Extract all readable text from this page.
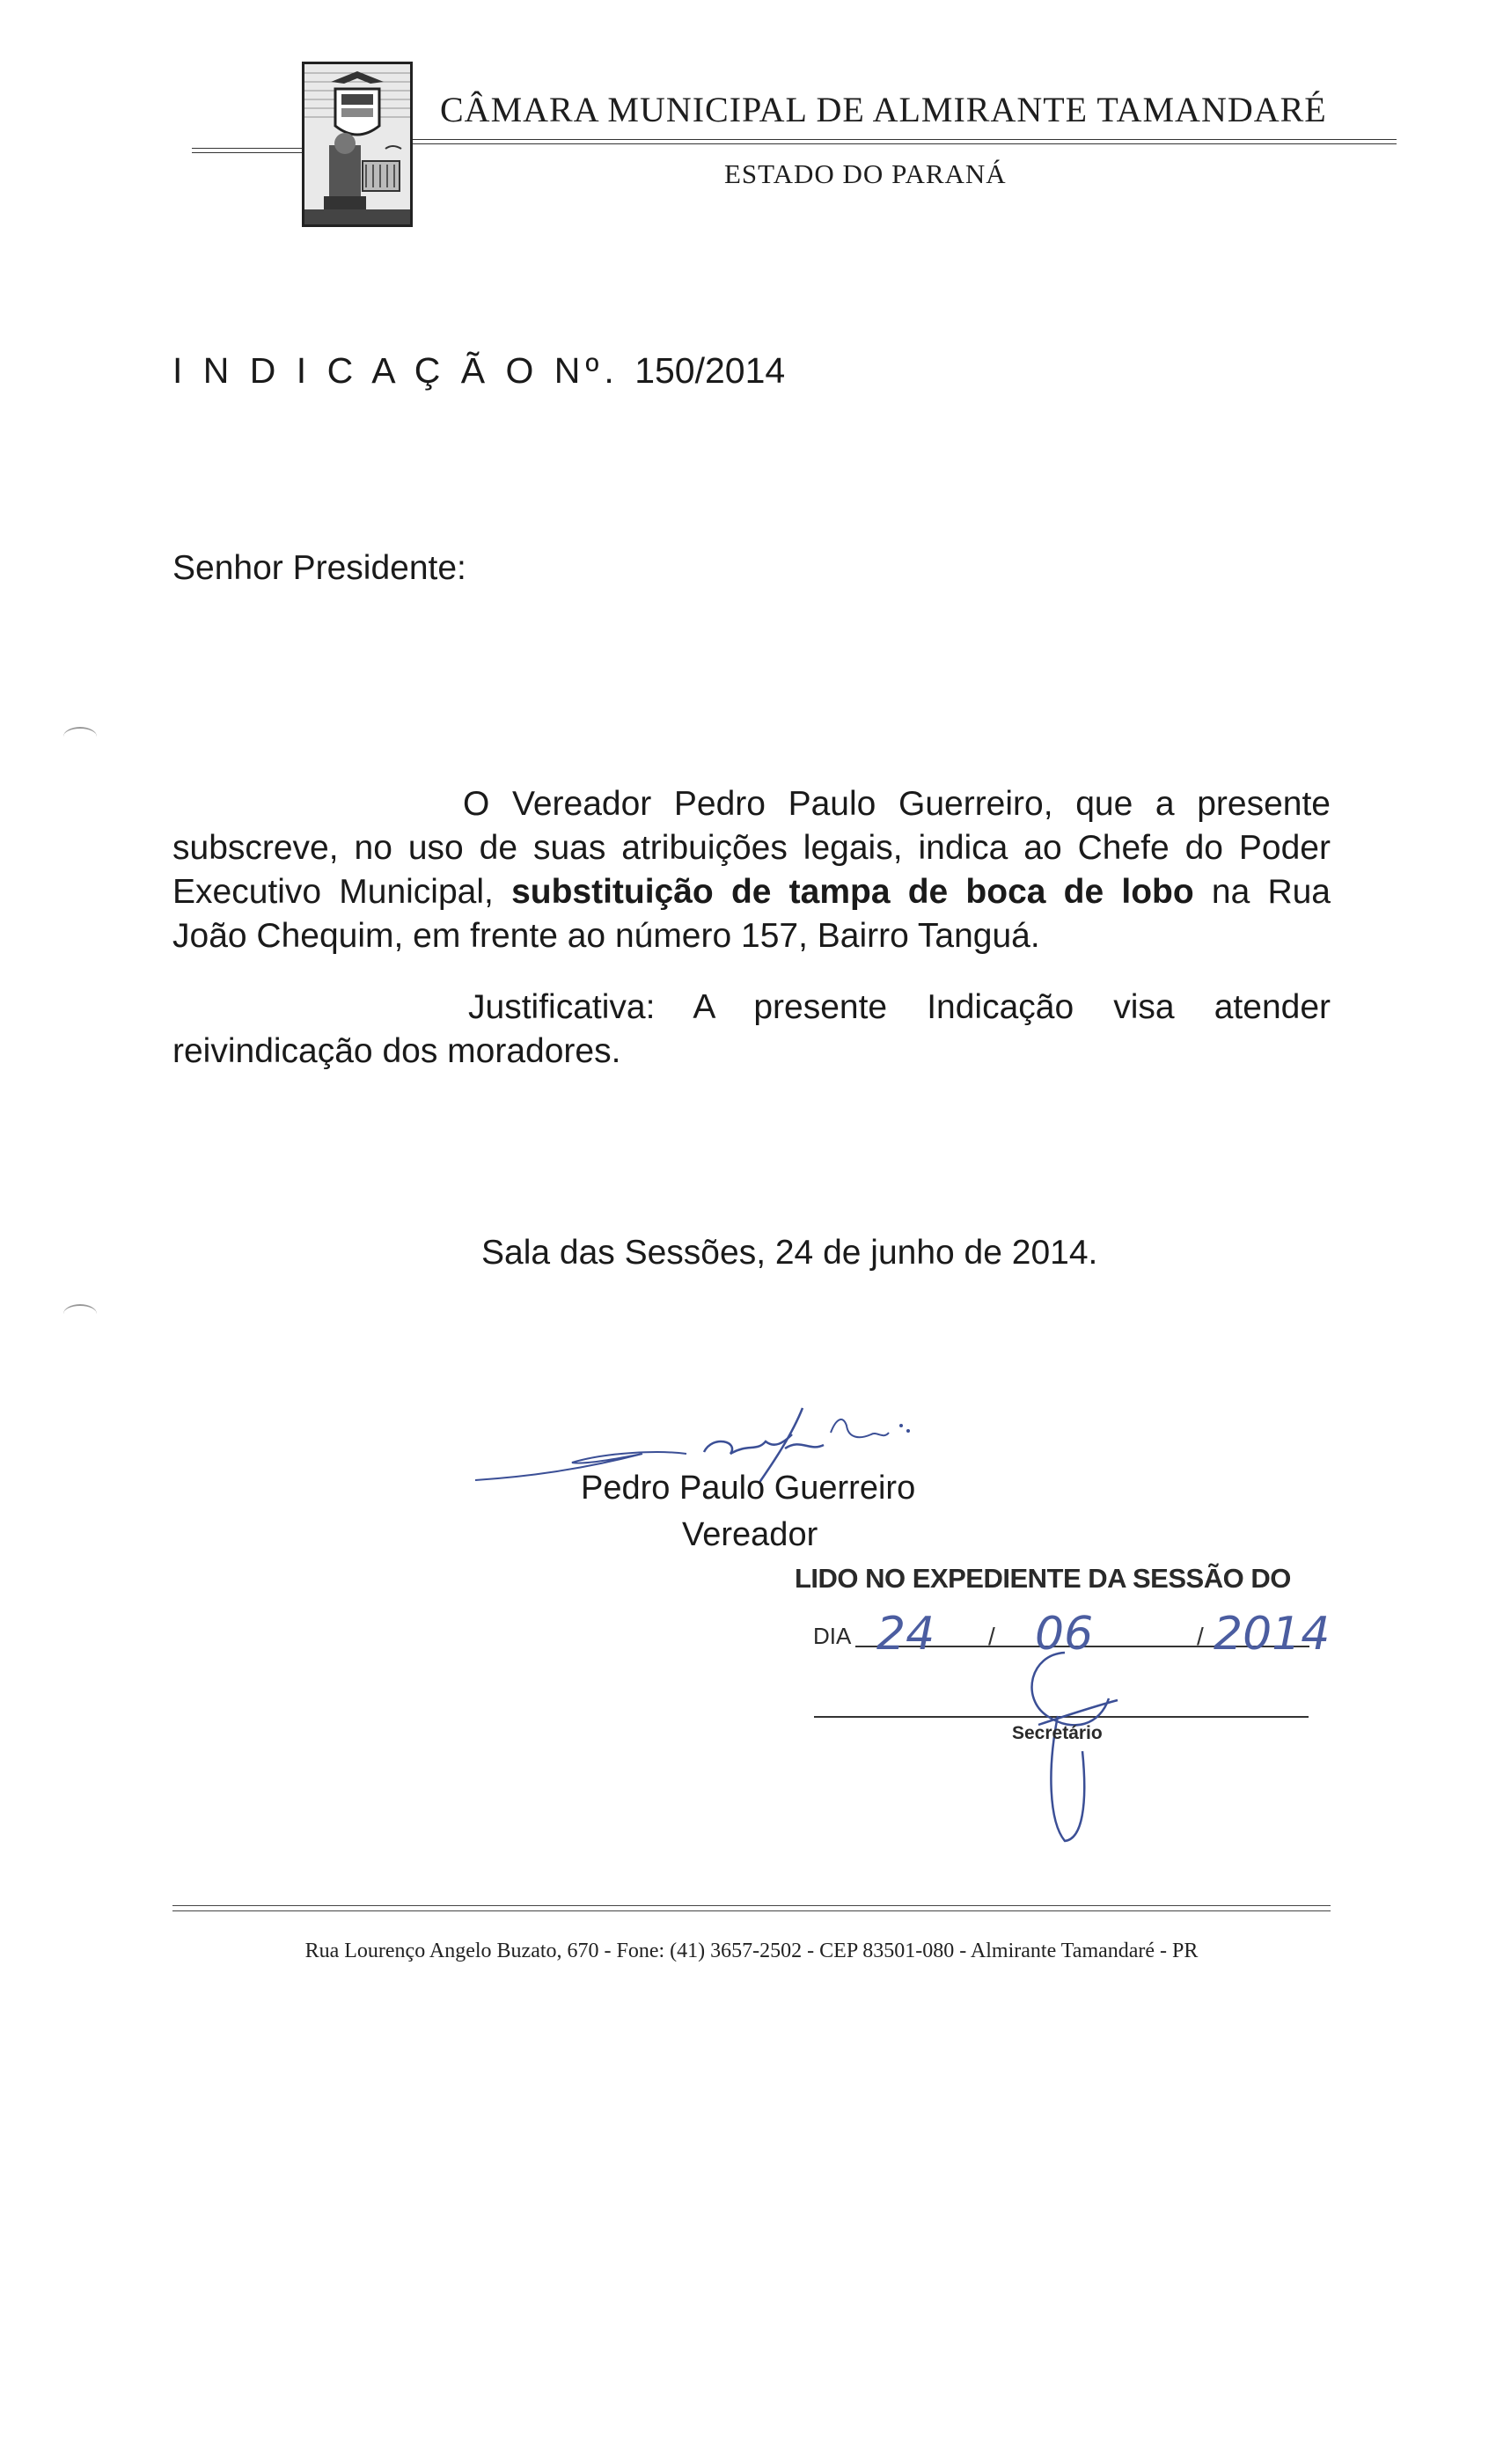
CÂMARA MUNICIPAL DE ALMIRANTE TAMANDARÉ
ESTADO DO PARANÁ
I N D I C A Ç Ã O Nº. 150/2014
Senhor Presidente:
O Vereador Pedro Paulo Guerreiro, que a presente subscreve, no uso de suas atribuições legais, indica ao Chefe do Poder Executivo Municipal, substituição de tampa de boca de lobo na Rua João Chequim, em frente ao número 157, Bairro Tanguá.
Justificativa: A presente Indicação visa atender reivindicação dos moradores.
Sala das Sessões, 24 de junho de 2014.
Pedro Paulo Guerreiro
Vereador
LIDO NO EXPEDIENTE DA SESSÃO DO
DIA 24 / 06	/ 2014
Secretário
Rua Lourenço Angelo Buzato, 670 - Fone: (41) 3657-2502 - CEP 83501-080 - Almirante Tamandaré - PR
